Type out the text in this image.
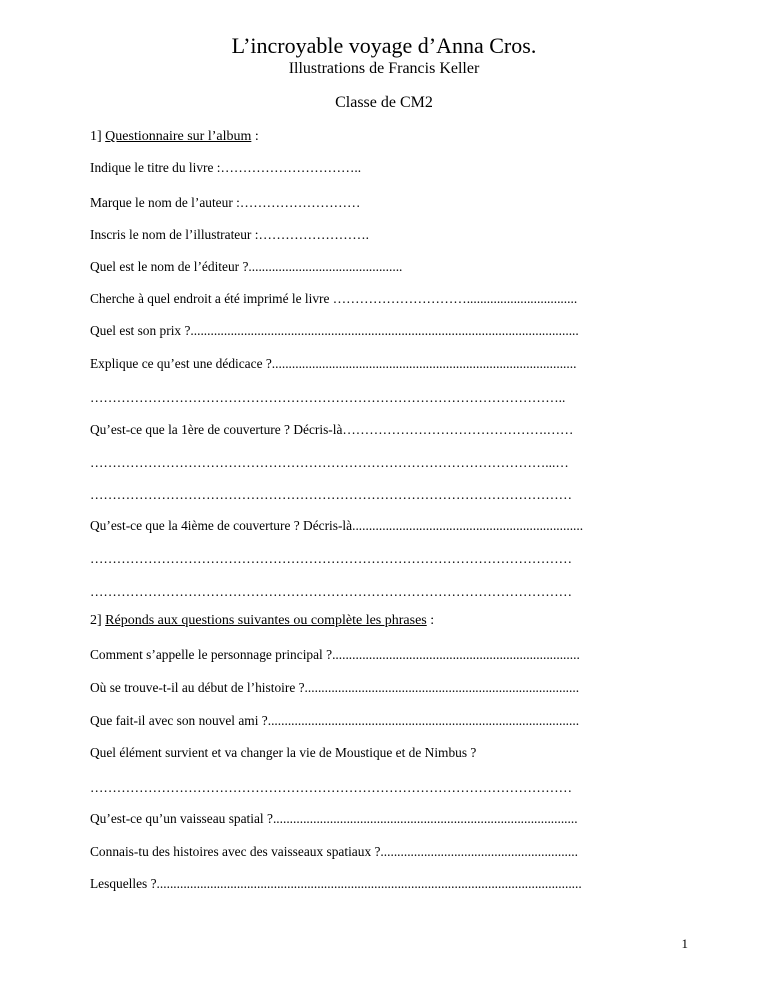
L’incroyable voyage d’Anna Cros.
Illustrations de Francis Keller
Classe de CM2
1] Questionnaire sur l’album :
Indique le titre du livre :…………………………..
Marque le nom de l’auteur :………………………
Inscris le nom de l’illustrateur :…………………….
Quel est le nom de l’éditeur ?..............................................
Cherche à quel endroit a été imprimé le livre ………………………….................................
Quel est son prix ?....................................................................................................................
Explique ce qu’est une dédicace ?...........................................................................................
……………………………………………………………………………………………..
Qu’est-ce que la 1ère de couverture ? Décris-là……………………………………….……
…………………………………………………………………………………………...…
………………………………………………………………………………………………
Qu’est-ce que la 4ième de couverture ? Décris-là.....................................................................
………………………………………………………………………………………………
………………………………………………………………………………………………
2] Réponds aux questions suivantes ou complète les phrases :
Comment s’appelle le personnage principal ?..........................................................................
Où se trouve-t-il au début de l’histoire ?..................................................................................
Que fait-il avec son nouvel ami ?.............................................................................................
Quel élément survient et va changer la vie de Moustique et de Nimbus ?
………………………………………………………………………………………………
Qu’est-ce qu’un vaisseau spatial ?...........................................................................................
Connais-tu des histoires avec des vaisseaux spatiaux ?...........................................................
Lesquelles ?...............................................................................................................................
1
